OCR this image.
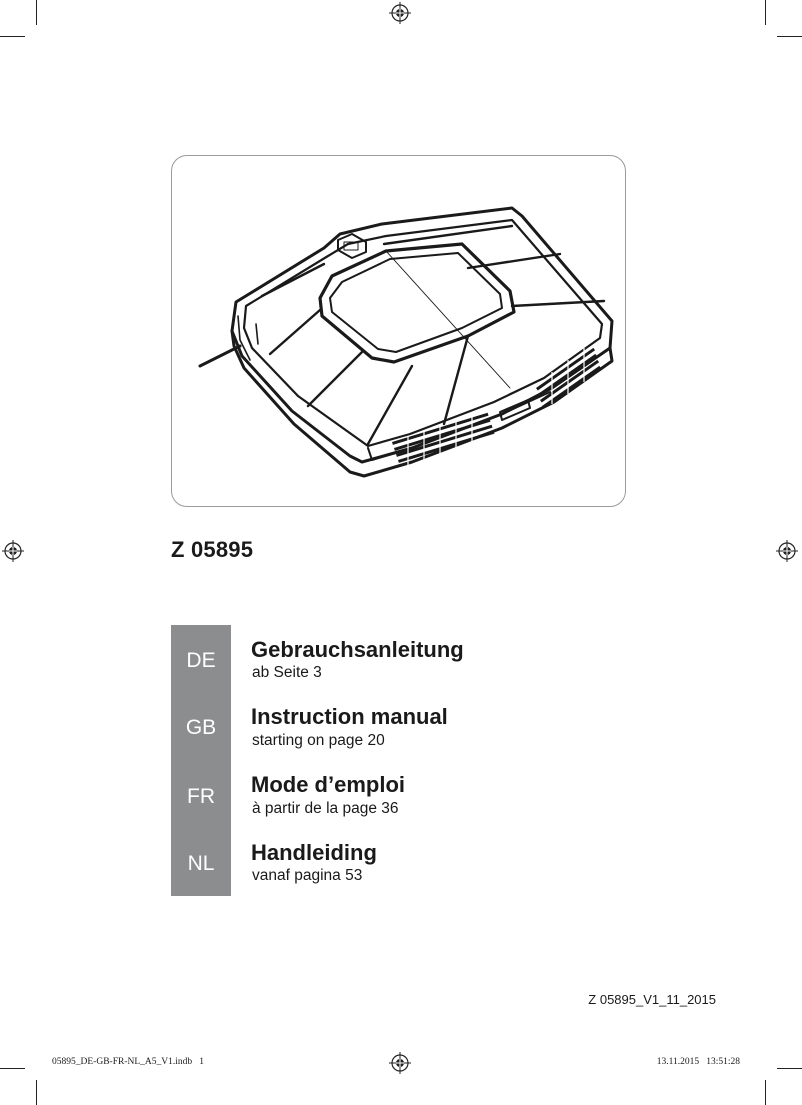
Z 05895
DE
GB
FR
NL
Gebrauchsanleitung
ab Seite 3
Instruction manual
starting on page 20
Mode d’emploi
à partir de la page 36
Handleiding
vanaf pagina 53
Z 05895_V1_11_2015
05895_DE-GB-FR-NL_A5_V1.indb   1	13.11.2015   13:51:28
